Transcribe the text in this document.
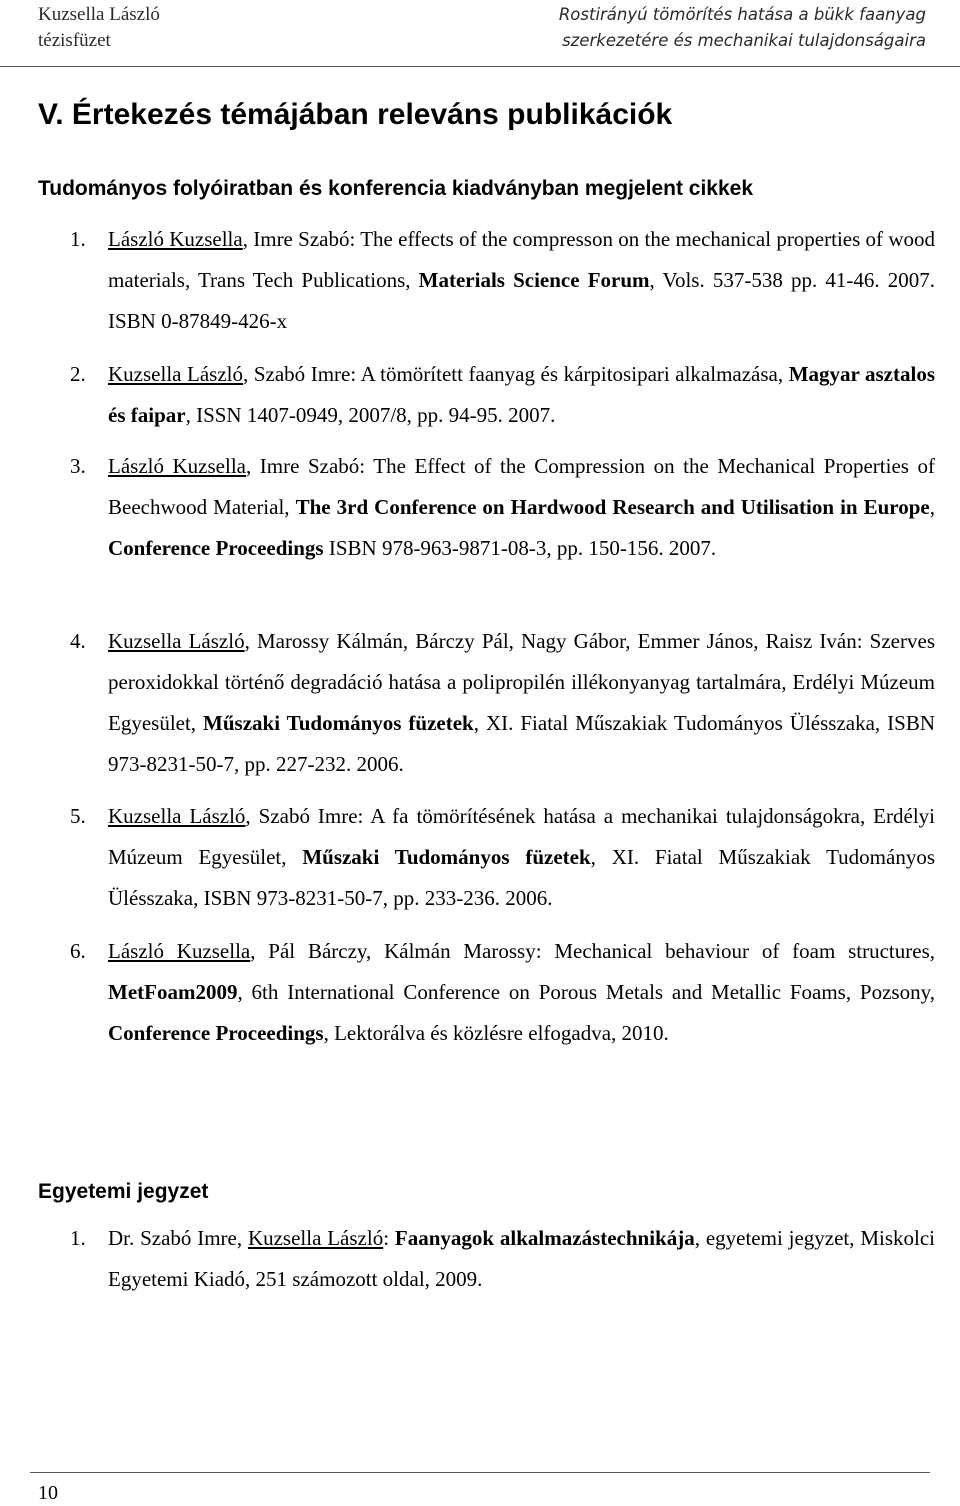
Kuzsella László
tézisfüzet
Rostirányú tömörítés hatása a bükk faanyag
szerkezetére és mechanikai tulajdonságaira
V. Értekezés témájában releváns publikációk
Tudományos folyóiratban és konferencia kiadványban megjelent cikkek
1. László Kuzsella, Imre Szabó: The effects of the compresson on the mechanical properties of wood materials, Trans Tech Publications, Materials Science Forum, Vols. 537-538 pp. 41-46. 2007. ISBN 0-87849-426-x
2. Kuzsella László, Szabó Imre: A tömörített faanyag és kárpitosipari alkalmazása, Magyar asztalos és faipar, ISSN 1407-0949, 2007/8, pp. 94-95. 2007.
3. László Kuzsella, Imre Szabó: The Effect of the Compression on the Mechanical Properties of Beechwood Material, The 3rd Conference on Hardwood Research and Utilisation in Europe, Conference Proceedings ISBN 978-963-9871-08-3, pp. 150-156. 2007.
4. Kuzsella László, Marossy Kálmán, Bárczy Pál, Nagy Gábor, Emmer János, Raisz Iván: Szerves peroxidokkal történő degradáció hatása a polipropilén illékonyanyag tartalmára, Erdélyi Múzeum Egyesület, Műszaki Tudományos füzetek, XI. Fiatal Műszakiak Tudományos Ülésszaka, ISBN 973-8231-50-7, pp. 227-232. 2006.
5. Kuzsella László, Szabó Imre: A fa tömörítésének hatása a mechanikai tulajdonságokra, Erdélyi Múzeum Egyesület, Műszaki Tudományos füzetek, XI. Fiatal Műszakiak Tudományos Ülésszaka, ISBN 973-8231-50-7, pp. 233-236. 2006.
6. László Kuzsella, Pál Bárczy, Kálmán Marossy: Mechanical behaviour of foam structures, MetFoam2009, 6th International Conference on Porous Metals and Metallic Foams, Pozsony, Conference Proceedings, Lektorálva és közlésre elfogadva, 2010.
Egyetemi jegyzet
1. Dr. Szabó Imre, Kuzsella László: Faanyagok alkalmazástechnikája, egyetemi jegyzet, Miskolci Egyetemi Kiadó, 251 számozott oldal, 2009.
10
